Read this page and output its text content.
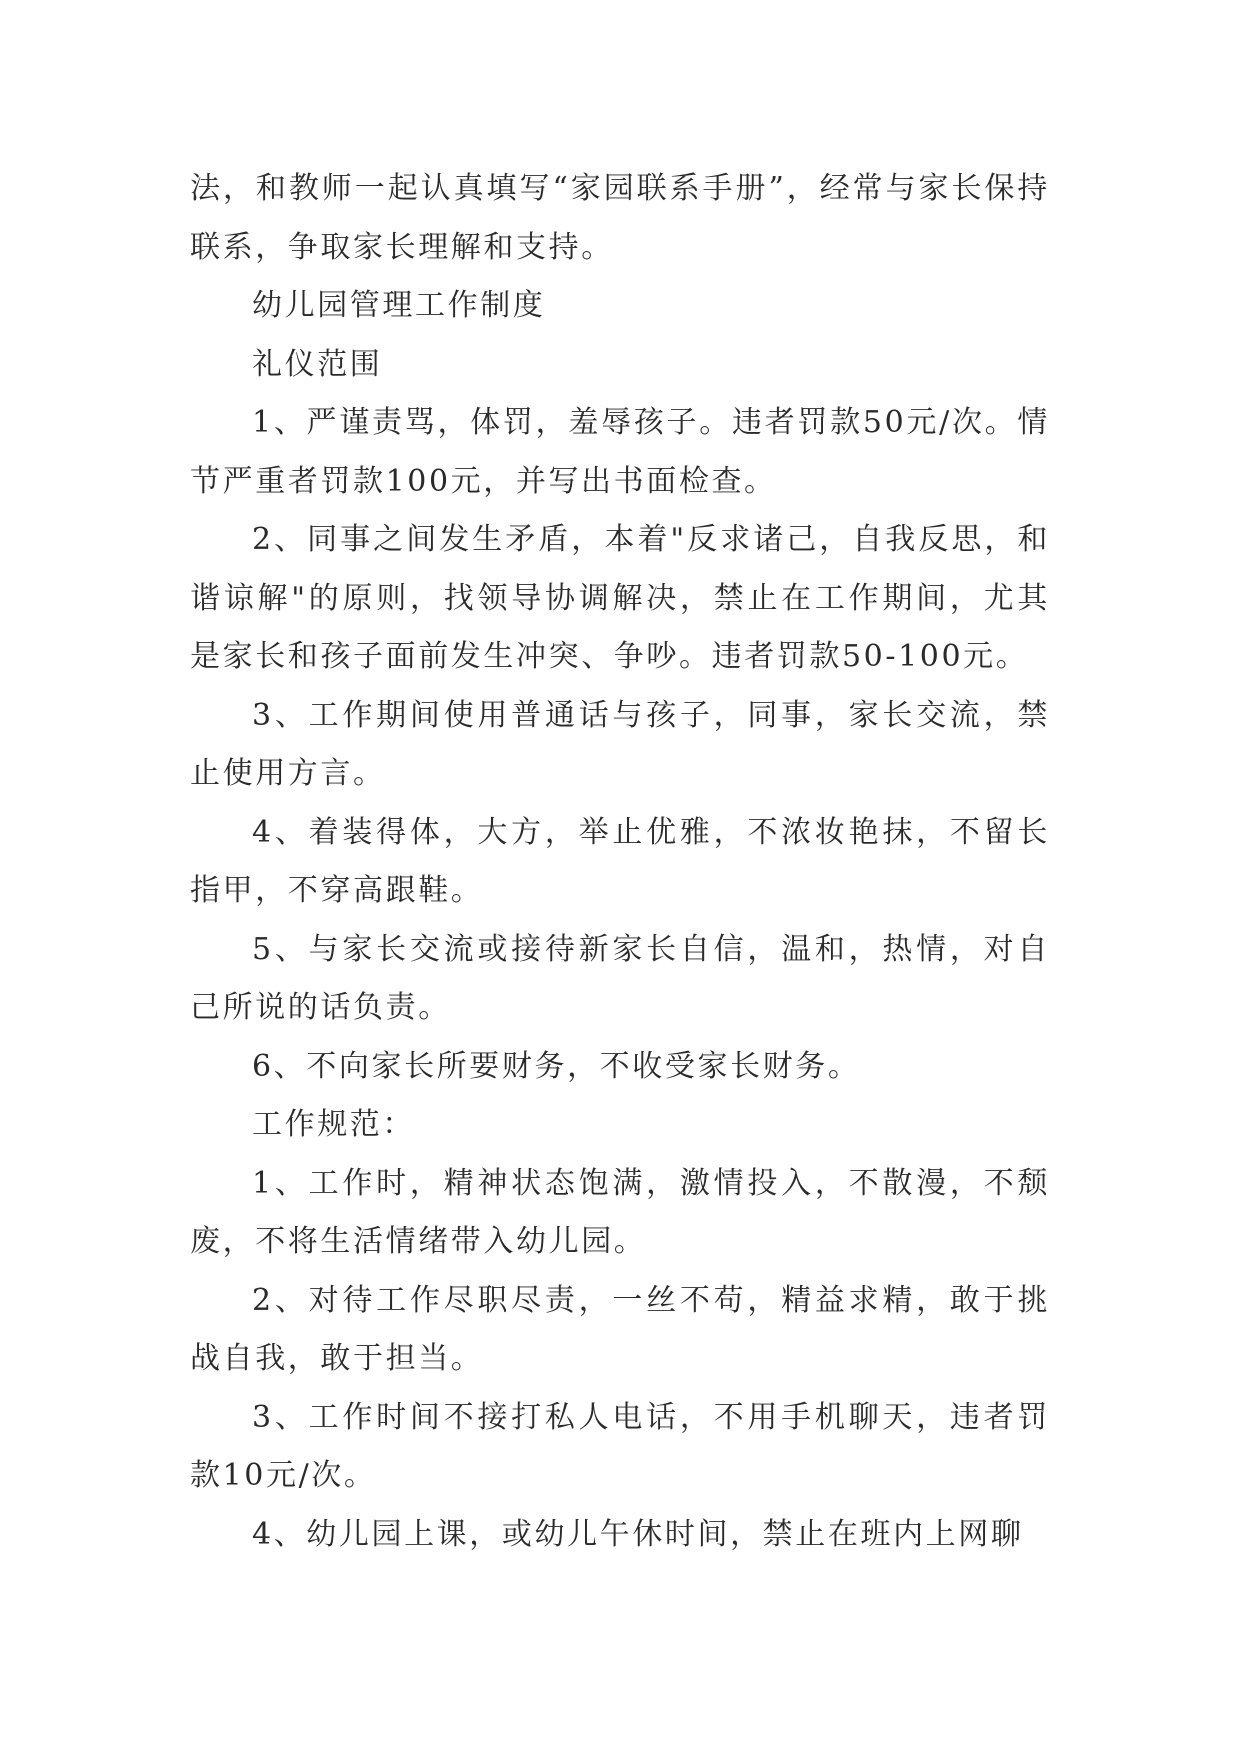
法，和教师一起认真填写“家园联系手册”，经常与家长保持联系，争取家长理解和支持。

幼儿园管理工作制度

礼仪范围

1、严谨责骂，体罚，羞辱孩子。违者罚款50元/次。情节严重者罚款100元，并写出书面检查。

2、同事之间发生矛盾，本着"反求诸己，自我反思，和谐谅解"的原则，找领导协调解决，禁止在工作期间，尤其是家长和孩子面前发生冲突、争吵。违者罚款50-100元。

3、工作期间使用普通话与孩子，同事，家长交流，禁止使用方言。

4、着装得体，大方，举止优雅，不浓妆艳抹，不留长指甲，不穿高跟鞋。

5、与家长交流或接待新家长自信，温和，热情，对自己所说的话负责。

6、不向家长所要财务，不收受家长财务。

工作规范：

1、工作时，精神状态饱满，激情投入，不散漫，不颓废，不将生活情绪带入幼儿园。

2、对待工作尽职尽责，一丝不苟，精益求精，敢于挑战自我，敢于担当。

3、工作时间不接打私人电话，不用手机聊天，违者罚款10元/次。

4、幼儿园上课，或幼儿午休时间，禁止在班内上网聊
